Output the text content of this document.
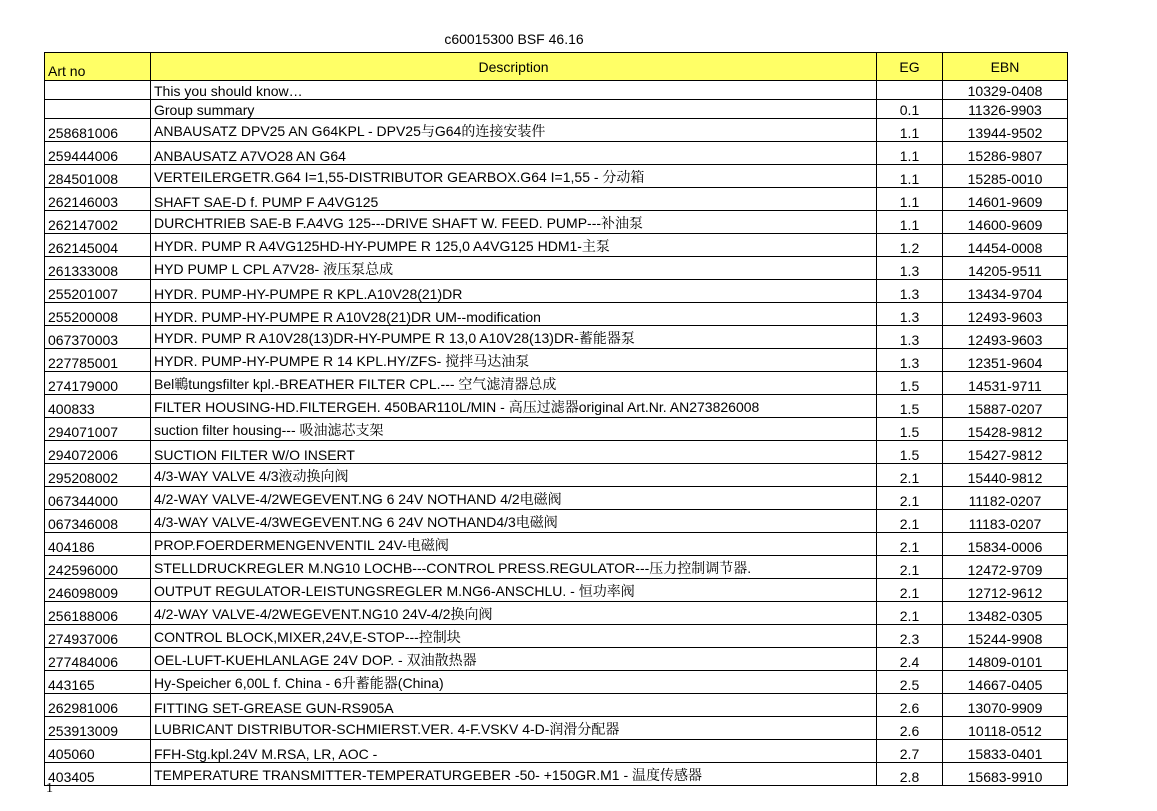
c60015300 BSF 46.16
Art no	Description	EG	EBN
	This you should know…		10329-0408
	Group summary	0.1	11326-9903
258681006	ANBAUSATZ DPV25 AN G64KPL - DPV25与G64的连接安装件	1.1	13944-9502
259444006	ANBAUSATZ A7VO28 AN G64	1.1	15286-9807
284501008	VERTEILERGETR.G64 I=1,55-DISTRIBUTOR GEARBOX.G64 I=1,55 - 分动箱	1.1	15285-0010
262146003	SHAFT SAE-D f. PUMP F A4VG125	1.1	14601-9609
262147002	DURCHTRIEB SAE-B F.A4VG 125---DRIVE SHAFT W. FEED. PUMP---补油泵	1.1	14600-9609
262145004	HYDR. PUMP R A4VG125HD-HY-PUMPE R 125,0 A4VG125 HDM1-主泵	1.2	14454-0008
261333008	HYD PUMP L CPL A7V28- 液压泵总成	1.3	14205-9511
255201007	HYDR. PUMP-HY-PUMPE R KPL.A10V28(21)DR	1.3	13434-9704
255200008	HYDR. PUMP-HY-PUMPE R A10V28(21)DR UM--modification	1.3	12493-9603
067370003	HYDR. PUMP R A10V28(13)DR-HY-PUMPE R 13,0 A10V28(13)DR-蓄能器泵	1.3	12493-9603
227785001	HYDR. PUMP-HY-PUMPE R 14 KPL.HY/ZFS- 搅拌马达油泵	1.3	12351-9604
274179000	Bel鶤tungsfilter kpl.-BREATHER FILTER CPL.--- 空气滤清器总成	1.5	14531-9711
400833	FILTER HOUSING-HD.FILTERGEH. 450BAR110L/MIN - 高压过滤器original Art.Nr. AN273826008	1.5	15887-0207
294071007	suction filter housing--- 吸油滤芯支架	1.5	15428-9812
294072006	SUCTION FILTER W/O INSERT	1.5	15427-9812
295208002	4/3-WAY VALVE 4/3液动换向阀	2.1	15440-9812
067344000	4/2-WAY VALVE-4/2WEGEVENT.NG 6 24V NOTHAND 4/2电磁阀	2.1	11182-0207
067346008	4/3-WAY VALVE-4/3WEGEVENT.NG 6 24V NOTHAND4/3电磁阀	2.1	11183-0207
404186	PROP.FOERDERMENGENVENTIL 24V-电磁阀	2.1	15834-0006
242596000	STELLDRUCKREGLER M.NG10 LOCHB---CONTROL PRESS.REGULATOR---压力控制调节器.	2.1	12472-9709
246098009	OUTPUT REGULATOR-LEISTUNGSREGLER M.NG6-ANSCHLU. - 恒功率阀	2.1	12712-9612
256188006	4/2-WAY VALVE-4/2WEGEVENT.NG10 24V-4/2换向阀	2.1	13482-0305
274937006	CONTROL BLOCK,MIXER,24V,E-STOP---控制块	2.3	15244-9908
277484006	OEL-LUFT-KUEHLANLAGE 24V DOP. - 双油散热器	2.4	14809-0101
443165	Hy-Speicher 6,00L f. China - 6升蓄能器(China)	2.5	14667-0405
262981006	FITTING SET-GREASE GUN-RS905A	2.6	13070-9909
253913009	LUBRICANT DISTRIBUTOR-SCHMIERST.VER. 4-F.VSKV 4-D-润滑分配器	2.6	10118-0512
405060	FFH-Stg.kpl.24V M.RSA, LR, AOC -	2.7	15833-0401
403405	TEMPERATURE TRANSMITTER-TEMPERATURGEBER -50- +150GR.M1 - 温度传感器	2.8	15683-9910
1
